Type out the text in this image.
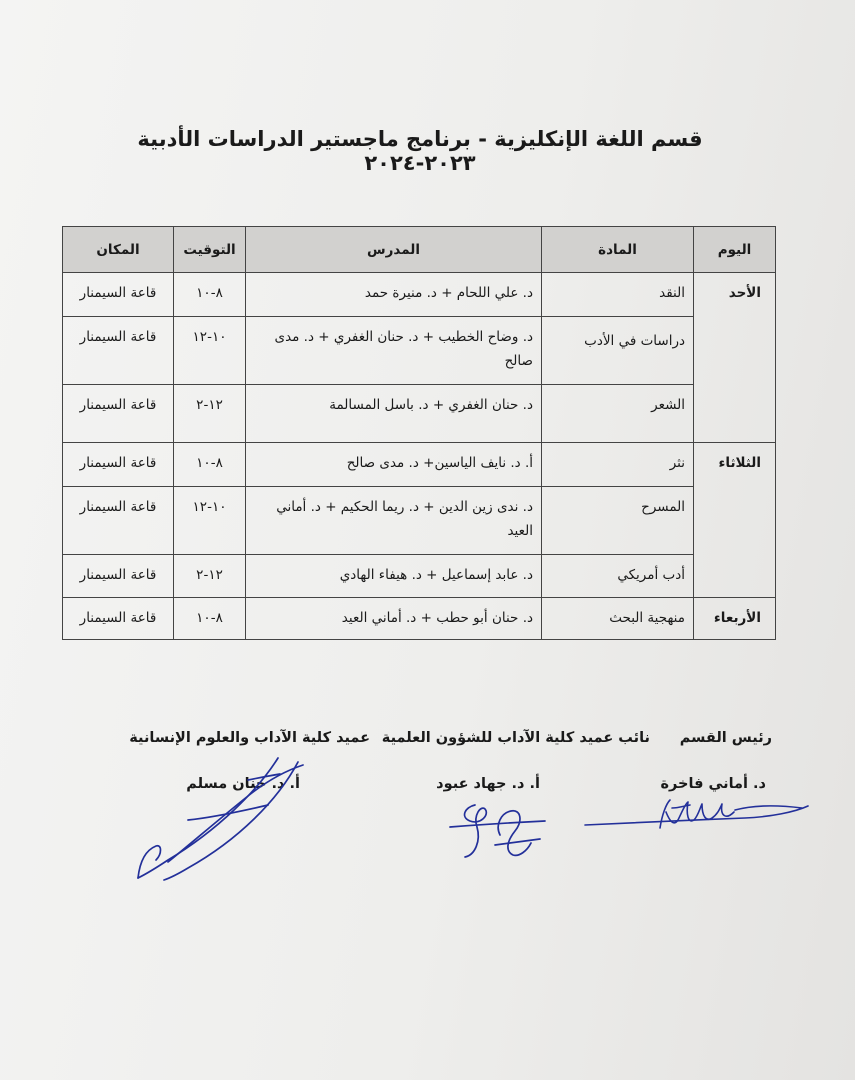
قسم اللغة الإنكليزية - برنامج ماجستير الدراسات الأدبية ٢٠٢٣-٢٠٢٤
اليوم	المادة	المدرس	التوقيت	المكان
الأحد	النقد	د. علي اللحام + د. منيرة حمد	٨-١٠	قاعة السيمنار
	دراسات في الأدب	د. وضاح الخطيب + د. حنان الغفري + د. مدى صالح	١٠-١٢	قاعة السيمنار
	الشعر	د. حنان الغفري + د. باسل المسالمة	١٢-٢	قاعة السيمنار
الثلاثاء	نثر	أ. د. نايف الياسين+ د. مدى صالح	٨-١٠	قاعة السيمنار
	المسرح	د. ندى زين الدين + د. ريما الحكيم + د. أماني العيد	١٠-١٢	قاعة السيمنار
	أدب أمريكي	د. عابد إسماعيل + د. هيفاء الهادي	١٢-٢	قاعة السيمنار
الأربعاء	منهجية البحث	د. حنان أبو حطب + د. أماني العيد	٨-١٠	قاعة السيمنار
رئيس القسم
د. أماني فاخرة
نائب عميد كلية الآداب للشؤون العلمية
أ. د. جهاد عبود
عميد كلية الآداب والعلوم الإنسانية
أ. د. حنان مسلم
